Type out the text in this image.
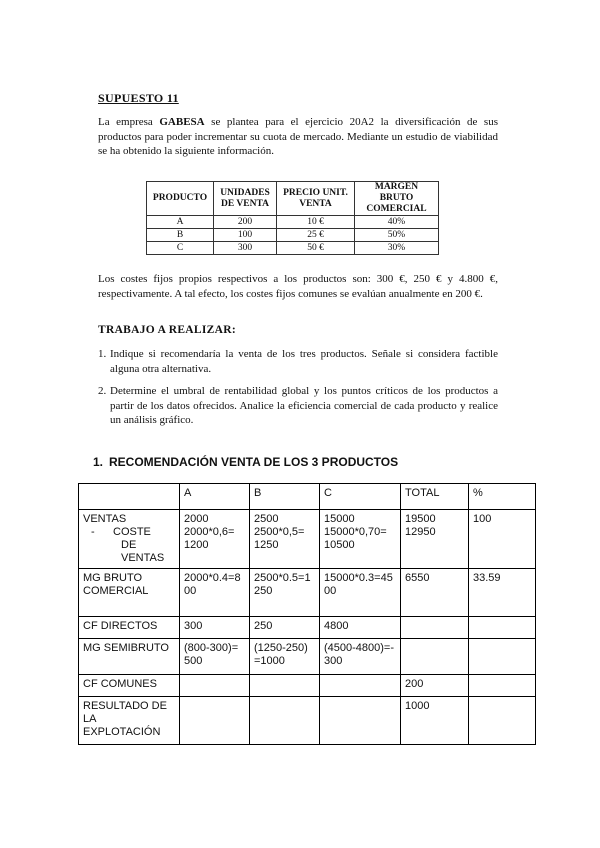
SUPUESTO 11

La empresa GABESA se plantea para el ejercicio 20A2 la diversificación de sus productos para poder incrementar su cuota de mercado. Mediante un estudio de viabilidad se ha obtenido la siguiente información.

PRODUCTO	UNIDADES DE VENTA	PRECIO UNIT. VENTA	MARGEN BRUTO COMERCIAL
A	200	10 €	40%
B	100	25 €	50%
C	300	50 €	30%

Los costes fijos propios respectivos a los productos son: 300 €, 250 € y 4.800 €, respectivamente. A tal efecto, los costes fijos comunes se evalúan anualmente en 200 €.

TRABAJO A REALIZAR:
1. Indique si recomendaría la venta de los tres productos. Señale si considera factible alguna otra alternativa.
2. Determine el umbral de rentabilidad global y los puntos críticos de los productos a partir de los datos ofrecidos. Analice la eficiencia comercial de cada producto y realice un análisis gráfico.
1. RECOMENDACIÓN VENTA DE LOS 3 PRODUCTOS
	A	B	C	TOTAL	%

VENTAS
- COSTE
DE
VENTAS	2000
2000*0,6=
1200	2500
2500*0,5=
1250	15000
15000*0,70=
10500	19500
12950	100

MG BRUTO
COMERCIAL	2000*0.4=8
00	2500*0.5=1
250	15000*0.3=45
00	6550	33.59
CF DIRECTOS	300	250	4800		
MG SEMIBRUTO	(800-300)=
500	(1250-250)
=1000	(4500-4800)=-
300		

CF COMUNES				200	

RESULTADO DE
LA
EXPLOTACIÓN				1000	
